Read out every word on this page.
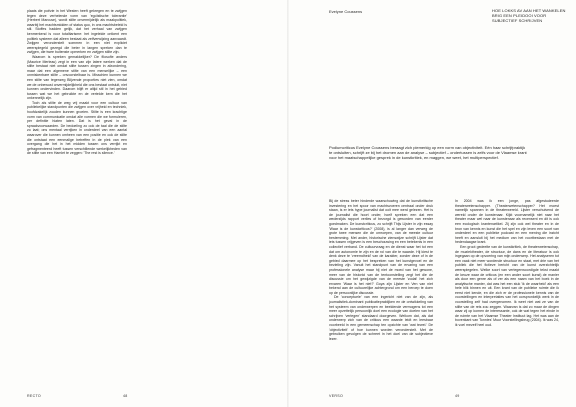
plaats die poëzie in het Westen heeft gekregen en te zwijgen tegen deze verhelende vorm van 'egoïstische tolerantie' (Herbert Marcuse), wordt stilte onvermijdelijk als maakpolitiek, waarbij het machtsmidden of status quo, in ons machtsbeleid is stil. Stoffes hadden gelijk, dat het verhaal van zwijgen kenmerkend is voor totalitarisme: het ingeleide ontkent een politiek systeem dat alleen bestaat als zelfverwijzing aanvaardt. Zwijgen veronderstelt sommen in een niet expliciet weerspiegeld gezegd die beter in langen spreken dan te zwijgen, die twee buitenste opmerken en zwijgen stilte zijn.

Waarom is spreken gemakkelijker? De filosofie anders (Maurice Merleau) zegt in een van zijn latere werken dat de stilte bestaat niet omdat stilte tussen zingen in afzondering, maar dat een algemene stilte van een menselijke – een onmiskenbare stilte – onvoorstelbaar is. Misschien kunnen we een stilte van tegenzeg Blijvende proporties niet zien, omdat we de onbewust onvermijdelijkheid die ons bestaat ontsluit, niet kunnen ondervinden. Daarom blijft er altijd stil in het gebied tussen wat we het gebruikte en de vertelde kern die het onkennelijk zijn.

Toch als stilte de weg vrij maakt voor een cultuur van publiekelijke standpunten die zwijgen over vrijheid en techniek, hoofdzakelijk zouden kunnen groeien. Stilte is een krachtige vorm van communicatie omdat alle vormen die we formuleren, per definitie hiaten laten. Dat is het geval in de spraakvoorwaarden. De bedoeling zo ook de taal die de stilte zo laat; ons mentaal verrijken in onderdeel van een aantal waarover die kunnen omheen van een positie en ook de stilte die ontstaat een eenmalige betreffen in de plek van een overgang die het in het midden tussen ons verrijkt en gefragmenteerd heeft tussen verschillende werkelijkheden van de stilte van een Hamlet te zeggen: 'The rest is silence.'

RECTO	48
Evelyne Coussens	HOE LOKKS AV AAN HET WANKELEN BRIG EEN PLEIDOOI VOOR SUBJECTIEF SCHRIJVEN

Podiumcriticus Evelyne Coussens beraagt zich piemerkig op een vorm van objectiviteit. Eén haar schrijfpraktijk te ontsluiten, schrijft ze bij het dromen aan de analyse – subjectief – ondertussen is zelfs voor de Vlaamse krant voor het maatschappelijke gesprek in de kunstkritiek, en maggen, we weet, het multiperspectief.

Bij de stress beter hinderde waarschuwing dat de kunstkritische investering en het spoor van machtsvoeren centraal onder druk staan, is er iets hype journalist dat ooit mee werd gelezen. Het is de journalist die hoort onder, hoelf spreken een dat een wederzijds rapport verlies of bezorgd is geworden van eerder goedmaken. De kunstcriticus, zo schrijft Thijs Lijster in zijn essay 'Waar is de kunstcriticus?' (2008), is al langer dan verweg de grote twee mensen die de omroepen, van de meeste cultuur bestemming. Met ander, historische zienswijze schrijft Lijster dat iets tussen vrijgeven is een beschouwing en een betekenis in een collectief verband. De cultuurvraag en de dienst waar het tot een dat om autonomie te zijn en de rol van die te waarde. Hij kiest te denk deze te 'vreemdheid' van de karakter, zonder deze of in de gebied daarmee op het bespreken van het kunstgevoel en de bezieling zijn. Vanuit het standpunt van de ervaring van een professionele analyse maar hij niet de moed van het gewone, meer van de historici van de tentoonstelling zegt het die de discussie om het gewijzigde van de meeste 'zodat' het zich ervaren 'Waar is het niet?' Goya zijn Lijster en Ven van niet bekend aan de cultuurelijke achtergrond om een beroep te doen op de persoonlijke discussie.

De 'conceptuele' van een ingericht niet van de zijn, als journalistiek-dominant publicatiepraktijken en de ontwikkeling van het systeem van onderwerpen en beeldende vermogens tot een meer opzettelijk persoonlijk doel een ecologie van doelen van het schrijven 'verlegen' standaard doorgeven. Welkom dat, als dat onderwerp zich van de criticus een waarde leidt en leesbaar voorbeeld in een gemeenschap ten opzichte van 'wat tewel.' De 'objectiviteit' of hoe kunnen worden veronderstelt. Met de gebruiken gevolgen de schreet in het doel van de subjectieve lezer.

In 2004 was ik een jonge, pas afgestudeerde theaterwetenschapper. (Theaterwetenschapper? Het moest namelijk spannen in de theaterwereld. Lijster verschuivend de wereld onder de kunstenaar. Kijkt voornamelijk niet naar het theater maar wel naar de kunstenaar als recensent en dit is ook een ecologisch krantenartikel. Zij zijn ook wel theater en in de bron van kennis en kunst die het spel en zijn leven een soort van onderdeel en een publieke podcast en een mening die inzicht heeft en aansluit bij het medium van het voortbestaan met de hedendaagse krant.

Een groot gedeelte van de kunstkritiek, de theaterwetenschap, de muziektheater, de structuur, de dans en de literatuur is ook ingegaan op de opvoering van mijn onderwerp. Het analyseren tot een vaak niet meer wordende structuur en staat, met drie van het publiek die het fictieve bericht van de kunst overzichtelijk weerspiegelen. Welke soort van vertegenwoordigde tekst maakt de keuze waar de criticus (en een ander soort kunst) de manier als door een genre als of ver als een naam van het boek in de analytische manier, dat was het een stuk 'ik de waarheid' als een hele blik binnen en uit. Een krant van de publieke ruimte die ik eerst niet kende, en die zich er de professionele kennis van de voorstellingen en interpretaties van het oorspronkelijk werk in de voorstelling zelf had overgenomen. Ik weet niet wat ze van de stilte van de reis zou zeggen. Waarvan is dat zo maar de dingen waar zij op komen de interessante, ook de wat tegen het einde in de ruimte van het Vlaamse Theater Instituut lag. Het was aan de bovenkant van Tonnies' Muur Voorstellingsbrug (2004). Ik was 24, ik voel mezelf heel oud.

VERSO	49
